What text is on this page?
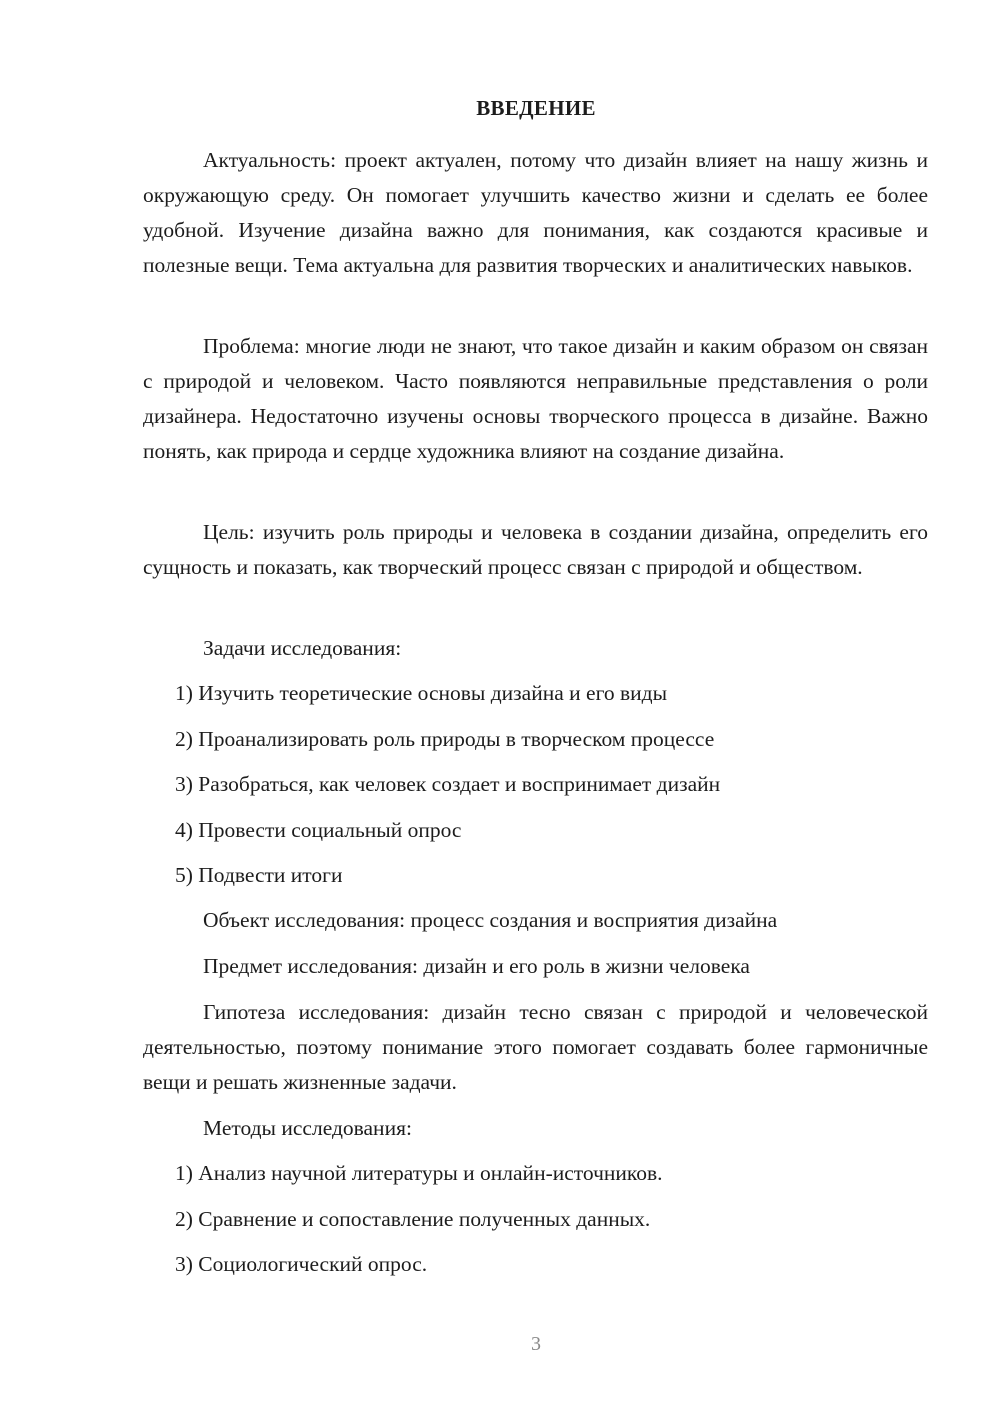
ВВЕДЕНИЕ

Актуальность: проект актуален, потому что дизайн влияет на нашу жизнь и окружающую среду. Он помогает улучшить качество жизни и сделать ее более удобной. Изучение дизайна важно для понимания, как создаются красивые и полезные вещи. Тема актуальна для развития творческих и аналитических навыков.

Проблема: многие люди не знают, что такое дизайн и каким образом он связан с природой и человеком. Часто появляются неправильные представления о роли дизайнера. Недостаточно изучены основы творческого процесса в дизайне. Важно понять, как природа и сердце художника влияют на создание дизайна.

Цель: изучить роль природы и человека в создании дизайна, определить его сущность и показать, как творческий процесс связан с природой и обществом.

Задачи исследования:

1) Изучить теоретические основы дизайна и его виды

2) Проанализировать роль природы в творческом процессе

3) Разобраться, как человек создает и воспринимает дизайн

4) Провести социальный опрос

5) Подвести итоги

Объект исследования: процесс создания и восприятия дизайна

Предмет исследования: дизайн и его роль в жизни человека

Гипотеза исследования: дизайн тесно связан с природой и человеческой деятельностью, поэтому понимание этого помогает создавать более гармоничные вещи и решать жизненные задачи.

Методы исследования:

1) Анализ научной литературы и онлайн-источников.

2) Сравнение и сопоставление полученных данных.

3) Социологический опрос.

3
